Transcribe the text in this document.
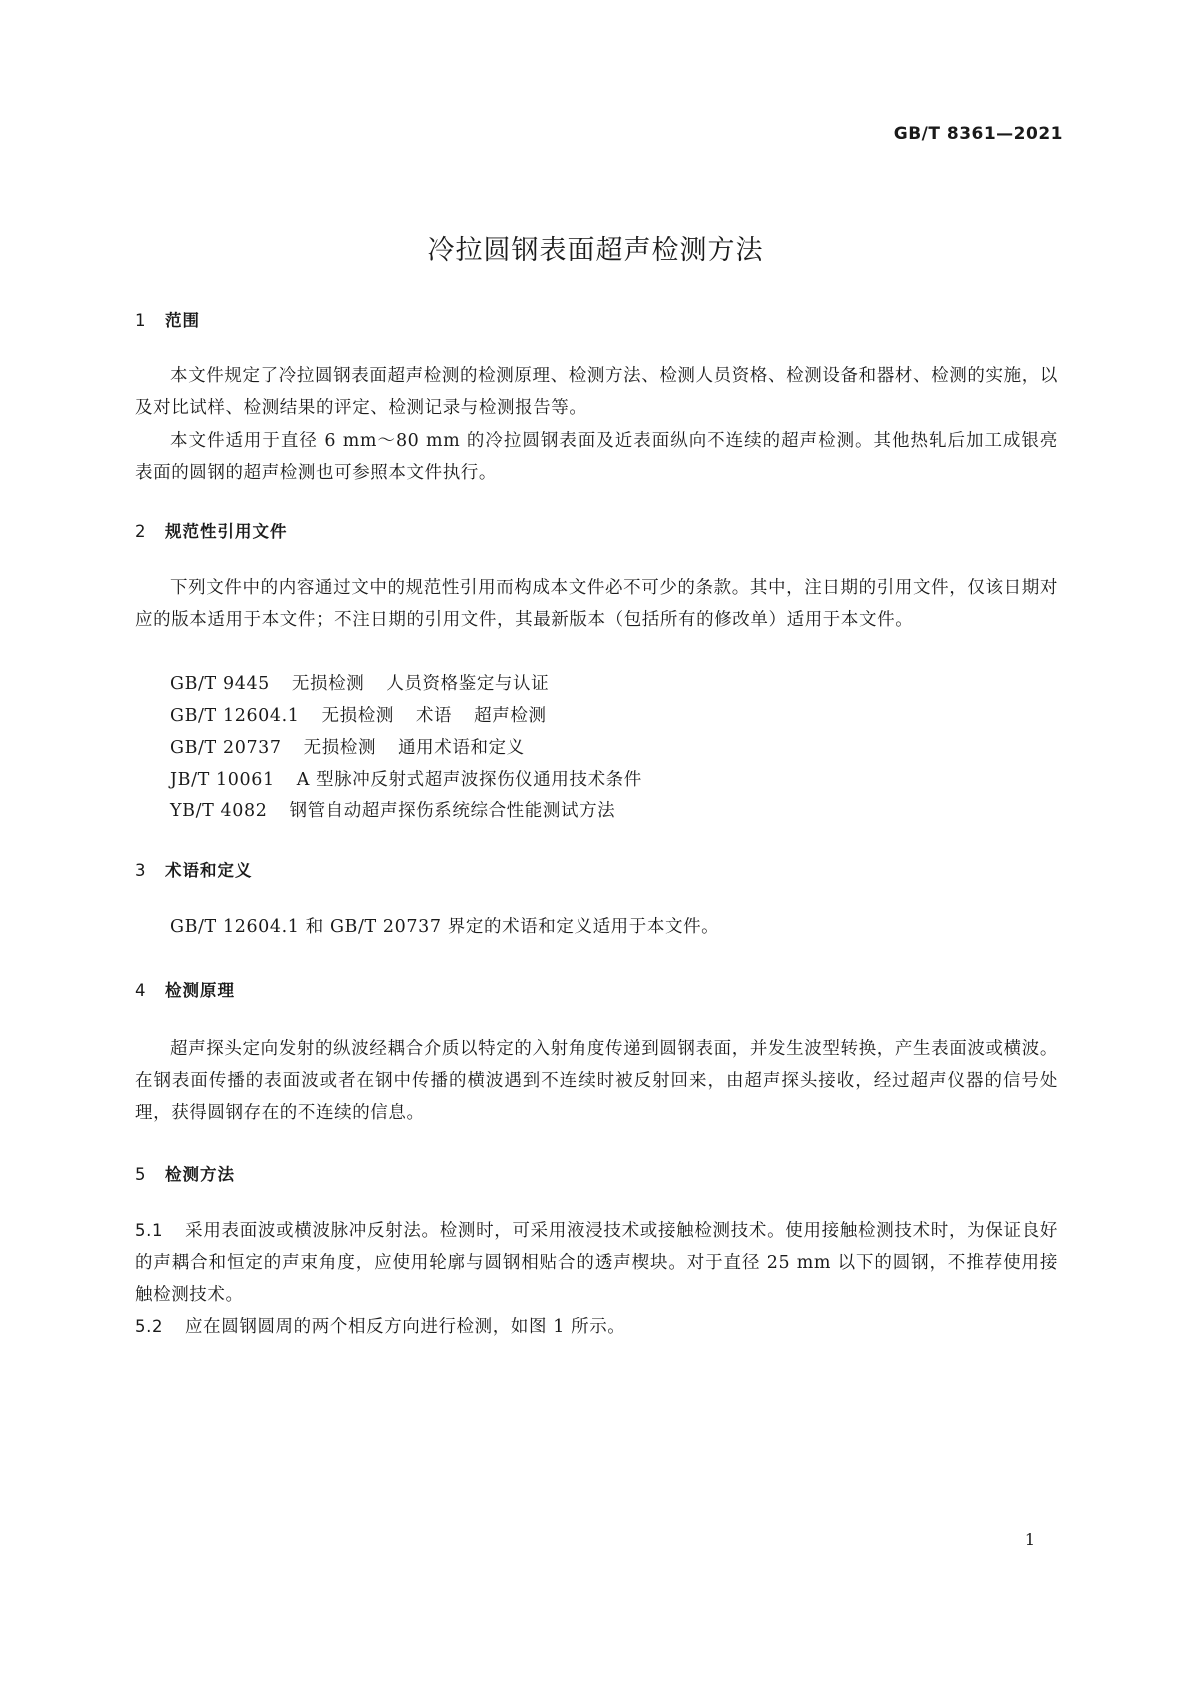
GB/T 8361—2021
冷拉圆钢表面超声检测方法
1 范围
本文件规定了冷拉圆钢表面超声检测的检测原理、检测方法、检测人员资格、检测设备和器材、检测的实施，以及对比试样、检测结果的评定、检测记录与检测报告等。
本文件适用于直径 6 mm～80 mm 的冷拉圆钢表面及近表面纵向不连续的超声检测。其他热轧后加工成银亮表面的圆钢的超声检测也可参照本文件执行。
2 规范性引用文件
下列文件中的内容通过文中的规范性引用而构成本文件必不可少的条款。其中，注日期的引用文件，仅该日期对应的版本适用于本文件；不注日期的引用文件，其最新版本（包括所有的修改单）适用于本文件。
GB/T 9445 无损检测 人员资格鉴定与认证
GB/T 12604.1 无损检测 术语 超声检测
GB/T 20737 无损检测 通用术语和定义
JB/T 10061 A 型脉冲反射式超声波探伤仪通用技术条件
YB/T 4082 钢管自动超声探伤系统综合性能测试方法
3 术语和定义
GB/T 12604.1 和 GB/T 20737 界定的术语和定义适用于本文件。
4 检测原理
超声探头定向发射的纵波经耦合介质以特定的入射角度传递到圆钢表面，并发生波型转换，产生表面波或横波。在钢表面传播的表面波或者在钢中传播的横波遇到不连续时被反射回来，由超声探头接收，经过超声仪器的信号处理，获得圆钢存在的不连续的信息。
5 检测方法
5.1 采用表面波或横波脉冲反射法。检测时，可采用液浸技术或接触检测技术。使用接触检测技术时，为保证良好的声耦合和恒定的声束角度，应使用轮廓与圆钢相贴合的透声楔块。对于直径 25 mm 以下的圆钢，不推荐使用接触检测技术。
5.2 应在圆钢圆周的两个相反方向进行检测，如图 1 所示。
1
